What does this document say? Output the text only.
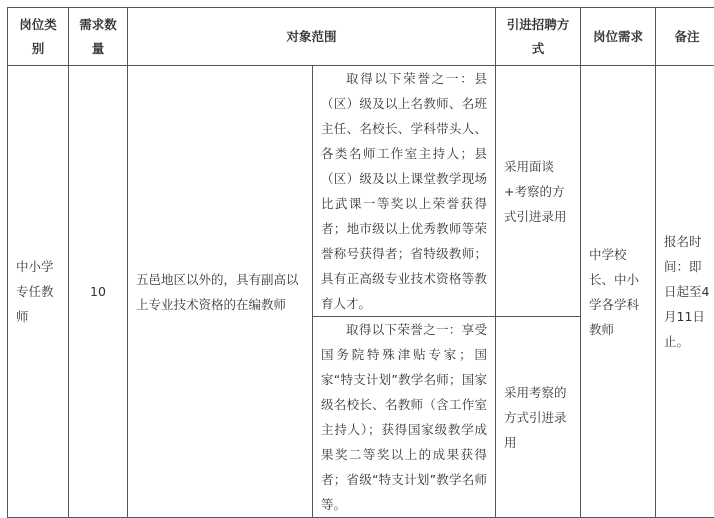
岗位类别	需求数量	对象范围		引进招聘方式	岗位需求	备注
中小学专任教师	10	五邑地区以外的，具有副高以上专业技术资格的在编教师	取得以下荣誉之一：县（区）级及以上名教师、名班主任、名校长、学科带头人、各类名师工作室主持人；县（区）级及以上课堂教学现场比武课一等奖以上荣誉获得者；地市级以上优秀教师等荣誉称号获得者；省特级教师；具有正高级专业技术资格等教育人才。	采用面谈+考察的方式引进录用	中学校长、中小学各学科教师	报名时间：即日起至4月11日止。
			取得以下荣誉之一：享受国务院特殊津贴专家；国家“特支计划”教学名师；国家级名校长、名教师（含工作室主持人）；获得国家级教学成果奖二等奖以上的成果获得者；省级“特支计划”教学名师等。	采用考察的方式引进录用		
